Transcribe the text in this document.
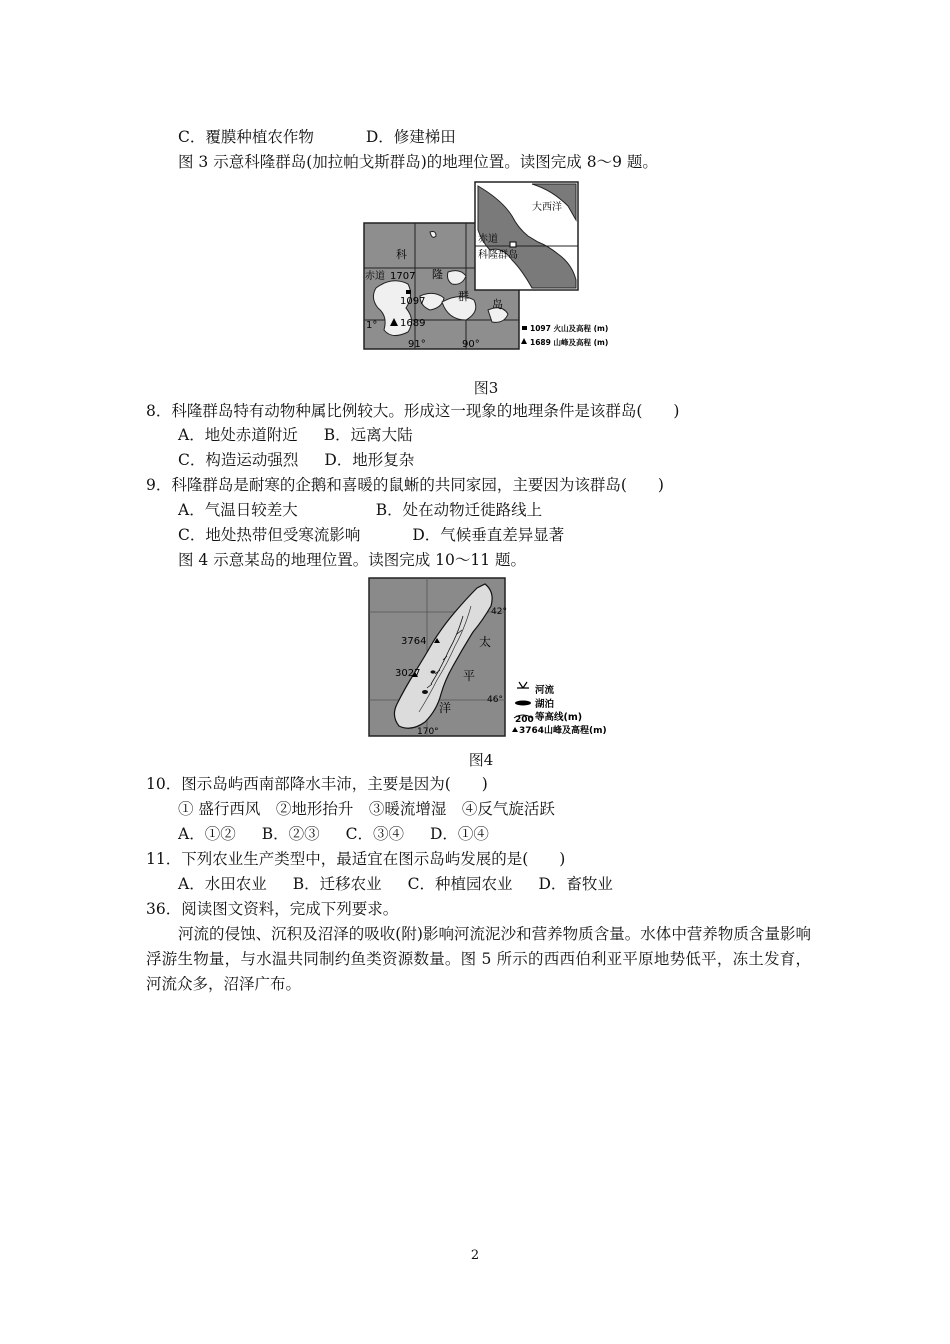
C．覆膜种植农作物	D．修建梯田
图 3 示意科隆群岛(加拉帕戈斯群岛)的地理位置。读图完成 8～9 题。
科
隆
群
岛
赤道 1707
1097
1689
1°
91°	90°
大西洋
赤道
科隆群岛
1097 火山及高程 (m)
1689 山峰及高程 (m)
图3
8．科隆群岛特有动物种属比例较大。形成这一现象的地理条件是该群岛(　　)
A．地处赤道附近 B．远离大陆
C．构造运动强烈 D．地形复杂
9．科隆群岛是耐寒的企鹅和喜暖的鼠蜥的共同家园，主要因为该群岛(　　)
A．气温日较差大	B．处在动物迁徙路线上
C．地处热带但受寒流影响	D．气候垂直差异显著
图 4 示意某岛的地理位置。读图完成 10～11 题。
太
平
洋
3764
3027
42°
46°
170°
河流
湖泊
200 等高线(m)
3764山峰及高程(m)
图4
10．图示岛屿西南部降水丰沛，主要是因为(　　)
① 盛行西风　②地形抬升　③暖流增湿　④反气旋活跃
A．①② B．②③ C．③④ D．①④
11．下列农业生产类型中，最适宜在图示岛屿发展的是(　　)
A．水田农业 B．迁移农业 C．种植园农业 D．畜牧业
36．阅读图文资料，完成下列要求。
河流的侵蚀、沉积及沼泽的吸收(附)影响河流泥沙和营养物质含量。水体中营养物质含量影响浮游生物量，与水温共同制约鱼类资源数量。图 5 所示的西西伯利亚平原地势低平，冻土发育，河流众多，沼泽广布。
2
